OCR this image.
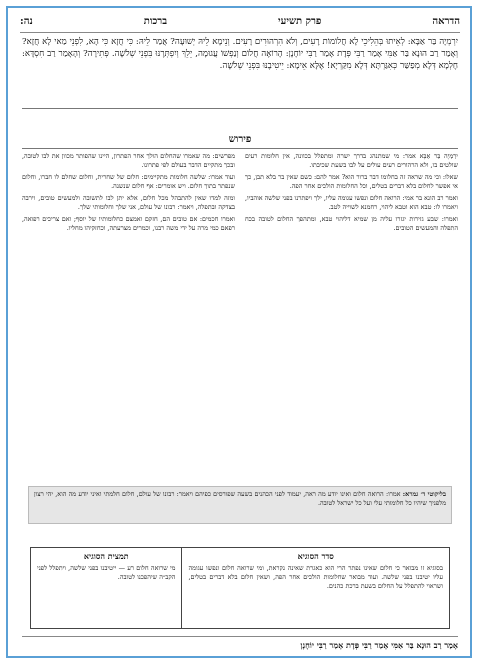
הדראה
פרק תשיעי
ברכות
נה:
יִרְמְיָה בַּר אַבָּא: לְאֵיתוּ בְּהֵלִיכֵי לָא חֲלוֹמוֹת רָעִים, וְלֹא הִרְהוּרִים רָעִים. וְנֵימָא לֵיהּ יְשׁוּעָה? אֲמַר לֵיהּ: כִּי חֲזָא כִּי הָא, לִפְנֵי מַאי לָא חֲזָא? וְאָמַר רַב הוּנָא בַּר אַמִּי אָמַר רַבִּי פְּדָת אָמַר רַבִּי יוֹחָנָן: הָרוֹאֶה חֲלוֹם וְנַפְשׁוֹ עֲגוּמָה, יֵלֵךְ וְיִפְתְּרֶנּוּ בִּפְנֵי שְׁלֹשָׁה. פְּתִירָה? וְהָאָמַר רַב חִסְדָּא: חֶלְמָא דְּלָא מְפַשַּׁר כְּאִגַּרְתָּא דְּלָא מִקַּרְיָא! אֶלָּא אֵימָא: יֵיטִיבֶנּוּ בִּפְנֵי שְׁלֹשָׁה.
פירוש

יִרְמְיָה בַּר אַבָּא אמר: מי שמתנהג בדרך ישרה ומתפלל בכוונה, אין חלומות רעים שולטים בו, ולא הרהורים רעים עולים על לבו בשעת שכיבתו.

שאלו: וכי מה שראה זה בחלומו דבר ברור הוא? אמר להם: כשם שאין בר בלא תבן, כך אי אפשר לחלום בלא דברים בטלים, וכל החלומות הולכים אחר הפה.

ואמר רב הונא בר אמי: הרואה חלום ונפשו עגומה עליו, ילך ויפתרנו בפני שלשה אוהביו, ויאמרו לו: טבא הוא וטבא ליהוי, רחמנא לשוייה לטב.

ואמרו: שבע גזירות יגזרו עליה מן שמיא דליהוי טבא, ומתהפך החלום לטובה בכח התפלה והמעשים הטובים.

מפרשים: מה שאמרו שהחלום הולך אחר הפתרון, היינו שהפותר מכוון את לבו לטובה, ובכך מתקיים הדבר בעולם לפי פתרונו.

ועוד אמרו: שלשה חלומות מתקיימים: חלום של שחרית, וחלום שחלם לו חברו, וחלום שנפתר בתוך חלום. ויש אומרים: אף חלום שנשנה.

ומזה למדו שאין להתבהל מכל חלום, אלא יתן לבו לתשובה ולמעשים טובים, וירבה בצדקה ובתפלה, ויאמר: רבונו של עולם, אני שלך וחלומותי שלך.

ואמרו חכמים: אם טובים הם, חזקם ואמצם כחלומותיו של יוסף; ואם צריכים רפואה, רפאם כמי מרה על ידי משה רבנו, וכמרים מצרעתה, וכחזקיהו מחליו.

בליקוטי ד׳ גמרא: אמרו: הרואה חלום ואינו יודע מה ראה, יעמוד לפני הכהנים בשעה שפורסים כפיהם ויאמר: רבונו של עולם, חלום חלמתי ואיני יודע מה הוא, יהי רצון מלפניך שיהיו כל חלומותי עלי ועל כל ישראל לטובה.
סדר הסוגיא
בסוגיא זו מבואר כי חלום שאינו נפתר הרי הוא כאגרת שאינה נקראת, ומי שרואה חלום ונפשו עגומה עליו יטיבנו בפני שלשה. ועוד מבואר שחלומות הולכים אחר הפה, ושאין חלום בלא דברים בטלים, ושראוי להתפלל על החלום בשעת ברכת כהנים.
תמצית הסוגיא
מי שרואה חלום רע — ייטיבנו בפני שלשה, ויתפלל לפני הקב״ה שיהפכנו לטובה.
אָמַר רַב הוּנָא בַּר אַמִּי אָמַר רַבִּי פְּדָת אָמַר רַבִּי יוֹחָנָן
